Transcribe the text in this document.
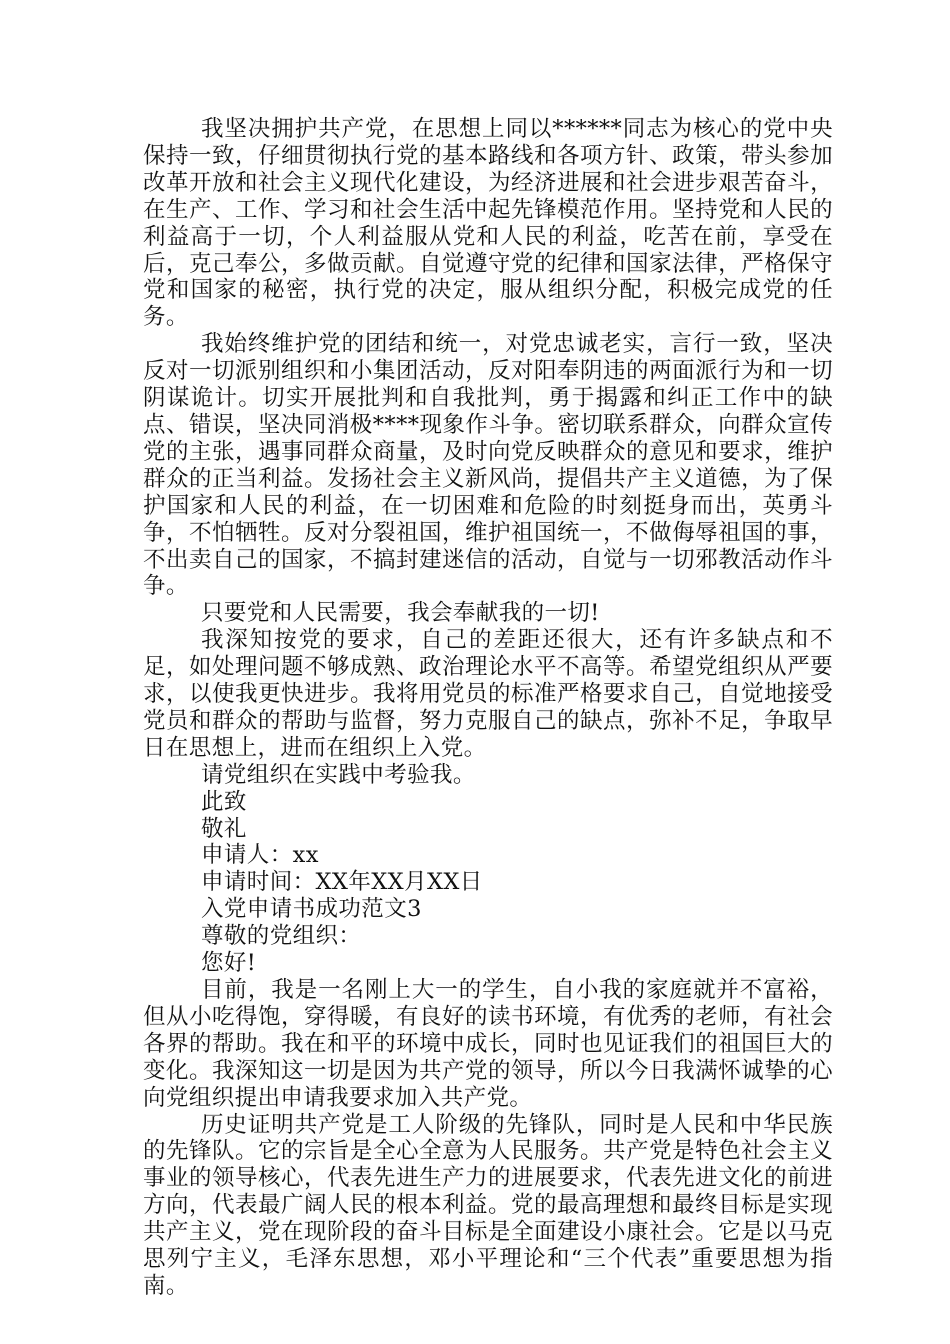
我坚决拥护共产党，在思想上同以******同志为核心的党中央保持一致，仔细贯彻执行党的基本路线和各项方针、政策，带头参加改革开放和社会主义现代化建设，为经济进展和社会进步艰苦奋斗，在生产、工作、学习和社会生活中起先锋模范作用。坚持党和人民的利益高于一切，个人利益服从党和人民的利益，吃苦在前，享受在后，克己奉公，多做贡献。自觉遵守党的纪律和国家法律，严格保守党和国家的秘密，执行党的决定，服从组织分配，积极完成党的任务。

我始终维护党的团结和统一，对党忠诚老实，言行一致，坚决反对一切派别组织和小集团活动，反对阳奉阴违的两面派行为和一切阴谋诡计。切实开展批判和自我批判，勇于揭露和纠正工作中的缺点、错误，坚决同消极****现象作斗争。密切联系群众，向群众宣传党的主张，遇事同群众商量，及时向党反映群众的意见和要求，维护群众的正当利益。发扬社会主义新风尚，提倡共产主义道德，为了保护国家和人民的利益，在一切困难和危险的时刻挺身而出，英勇斗争，不怕牺牲。反对分裂祖国，维护祖国统一，不做侮辱祖国的事，不出卖自己的国家，不搞封建迷信的活动，自觉与一切邪教活动作斗争。

只要党和人民需要，我会奉献我的一切!

我深知按党的要求，自己的差距还很大，还有许多缺点和不足，如处理问题不够成熟、政治理论水平不高等。希望党组织从严要求，以使我更快进步。我将用党员的标准严格要求自己，自觉地接受党员和群众的帮助与监督，努力克服自己的缺点，弥补不足，争取早日在思想上，进而在组织上入党。

请党组织在实践中考验我。

此致

敬礼

申请人：xx

申请时间：XX年XX月XX日

入党申请书成功范文3

尊敬的党组织：

您好!

目前，我是一名刚上大一的学生，自小我的家庭就并不富裕，但从小吃得饱，穿得暖，有良好的读书环境，有优秀的老师，有社会各界的帮助。我在和平的环境中成长，同时也见证我们的祖国巨大的变化。我深知这一切是因为共产党的领导，所以今日我满怀诚挚的心向党组织提出申请我要求加入共产党。

历史证明共产党是工人阶级的先锋队，同时是人民和中华民族的先锋队。它的宗旨是全心全意为人民服务。共产党是特色社会主义事业的领导核心，代表先进生产力的进展要求，代表先进文化的前进方向，代表最广阔人民的根本利益。党的最高理想和最终目标是实现共产主义，党在现阶段的奋斗目标是全面建设小康社会。它是以马克思列宁主义，毛泽东思想，邓小平理论和“三个代表”重要思想为指南。
